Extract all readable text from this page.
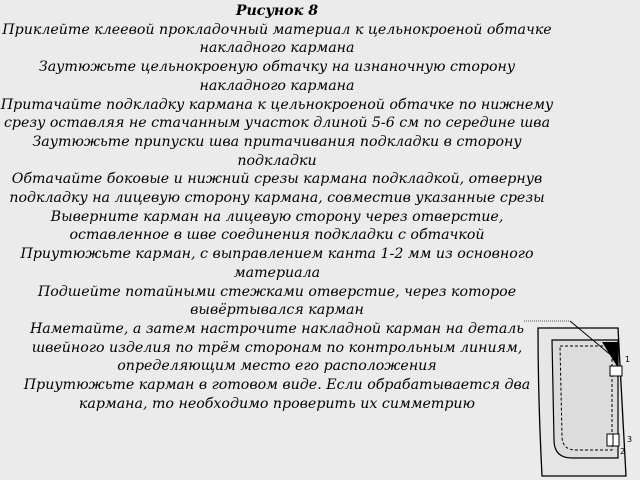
Рисунок 8

Приклейте клеевой прокладочный материал к цельнокроеной обтачке накладного кармана

Заутюжьте цельнокроеную обтачку на изнаночную сторону накладного кармана

Притачайте подкладку кармана к цельнокроеной обтачке по нижнему срезу оставляя не стачанным участок длиной 5-6 см по середине шва

Заутюжьте припуски шва притачивания подкладки в сторону подкладки

Обтачайте боковые и нижний срезы кармана подкладкой, отвернув подкладку на лицевую сторону кармана, совместив указанные срезы

Выверните карман на лицевую сторону через отверстие, оставленное в шве соединения подкладки с обтачкой

Приутюжьте карман, с выправлением канта 1-2 мм из основного материала

Подшейте потайными стежками отверстие, через которое вывёртывался карман

Наметайте, а затем настрочите накладной карман на деталь швейного изделия по трём сторонам по контрольным линиям, определяющим место его расположения

Приутюжьте карман в готовом виде. Если обрабатывается два кармана, то необходимо проверить их симметрию

1
3
2
